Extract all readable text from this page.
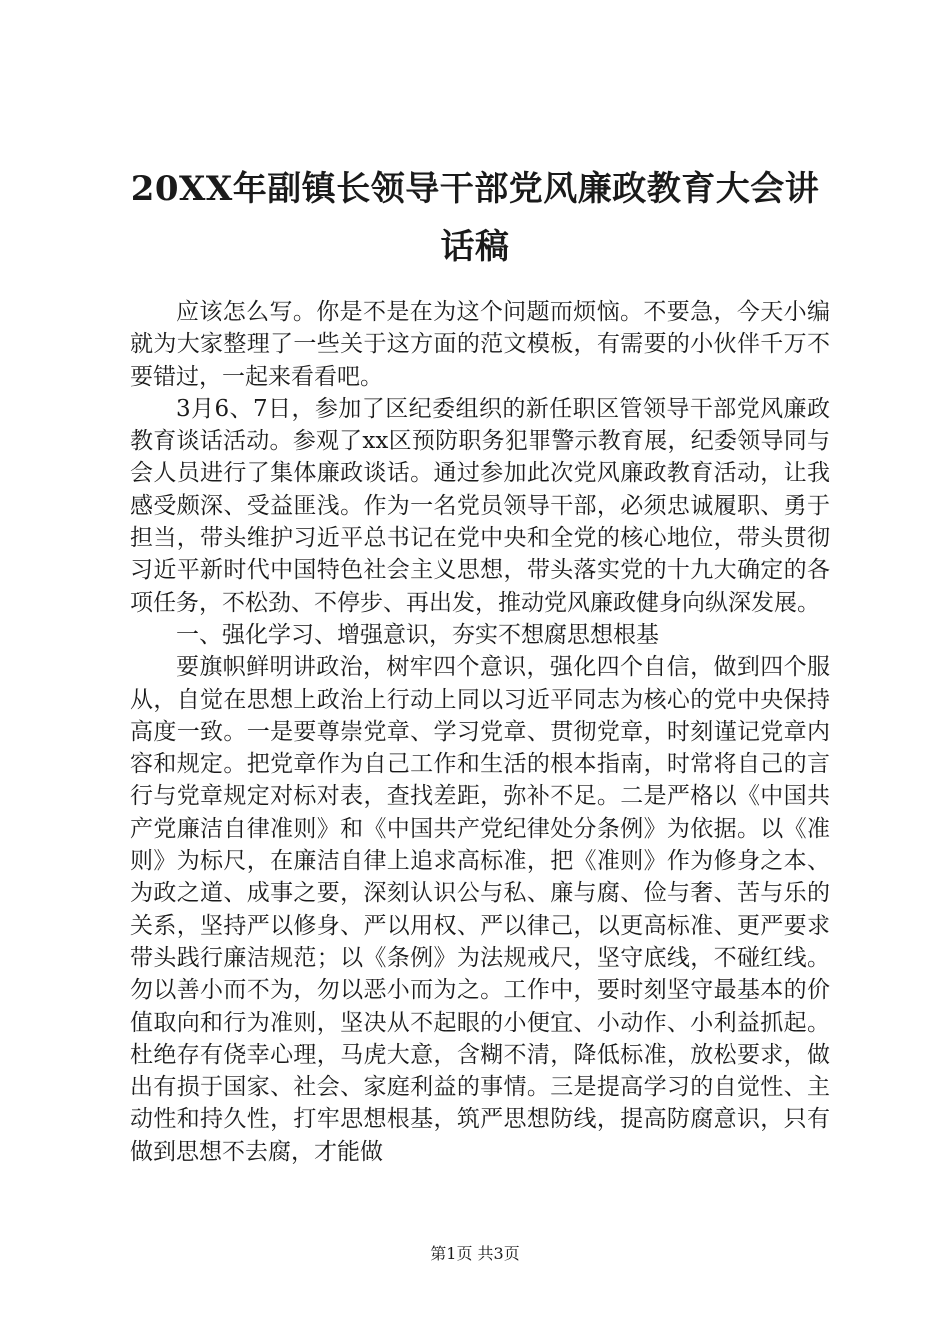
20XX年副镇长领导干部党风廉政教育大会讲话稿

应该怎么写。你是不是在为这个问题而烦恼。不要急，今天小编就为大家整理了一些关于这方面的范文模板，有需要的小伙伴千万不要错过，一起来看看吧。

3月6、7日，参加了区纪委组织的新任职区管领导干部党风廉政教育谈话活动。参观了xx区预防职务犯罪警示教育展，纪委领导同与会人员进行了集体廉政谈话。通过参加此次党风廉政教育活动，让我感受颇深、受益匪浅。作为一名党员领导干部，必须忠诚履职、勇于担当，带头维护习近平总书记在党中央和全党的核心地位，带头贯彻习近平新时代中国特色社会主义思想，带头落实党的十九大确定的各项任务，不松劲、不停步、再出发，推动党风廉政健身向纵深发展。

一、强化学习、增强意识，夯实不想腐思想根基

要旗帜鲜明讲政治，树牢四个意识，强化四个自信，做到四个服从，自觉在思想上政治上行动上同以习近平同志为核心的党中央保持高度一致。一是要尊崇党章、学习党章、贯彻党章，时刻谨记党章内容和规定。把党章作为自己工作和生活的根本指南，时常将自己的言行与党章规定对标对表，查找差距，弥补不足。二是严格以《中国共产党廉洁自律准则》和《中国共产党纪律处分条例》为依据。以《准则》为标尺，在廉洁自律上追求高标准，把《准则》作为修身之本、为政之道、成事之要，深刻认识公与私、廉与腐、俭与奢、苦与乐的关系，坚持严以修身、严以用权、严以律己，以更高标准、更严要求带头践行廉洁规范；以《条例》为法规戒尺，坚守底线，不碰红线。勿以善小而不为，勿以恶小而为之。工作中，要时刻坚守最基本的价值取向和行为准则，坚决从不起眼的小便宜、小动作、小利益抓起。杜绝存有侥幸心理，马虎大意，含糊不清，降低标准，放松要求，做出有损于国家、社会、家庭利益的事情。三是提高学习的自觉性、主动性和持久性，打牢思想根基，筑严思想防线，提高防腐意识，只有做到思想不去腐，才能做

第1页 共3页
